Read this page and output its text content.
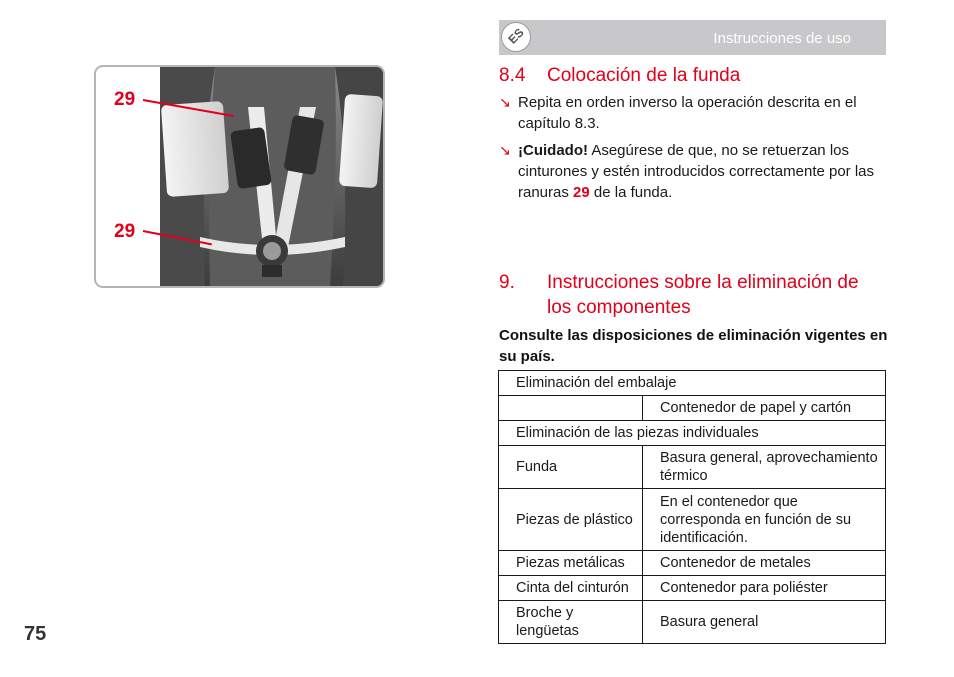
ES	Instrucciones de uso
29
29
8.4 Colocación de la funda
↘ Repita en orden inverso la operación descrita en el capítulo 8.3.
↘ ¡Cuidado! Asegúrese de que, no se retuerzan los cinturones y estén introducidos correctamente por las ranuras 29 de la funda.
9. Instrucciones sobre la eliminación de
los componentes
Consulte las disposiciones de eliminación vigentes en su país.
Eliminación del embalaje	
	Contenedor de papel y cartón
Eliminación de las piezas individuales	
Funda	Basura general, aprovechamiento térmico
Piezas de plástico	En el contenedor que corresponda en función de su identificación.
Piezas metálicas	Contenedor de metales
Cinta del cinturón	Contenedor para poliéster
Broche y lengüetas	Basura general
75
